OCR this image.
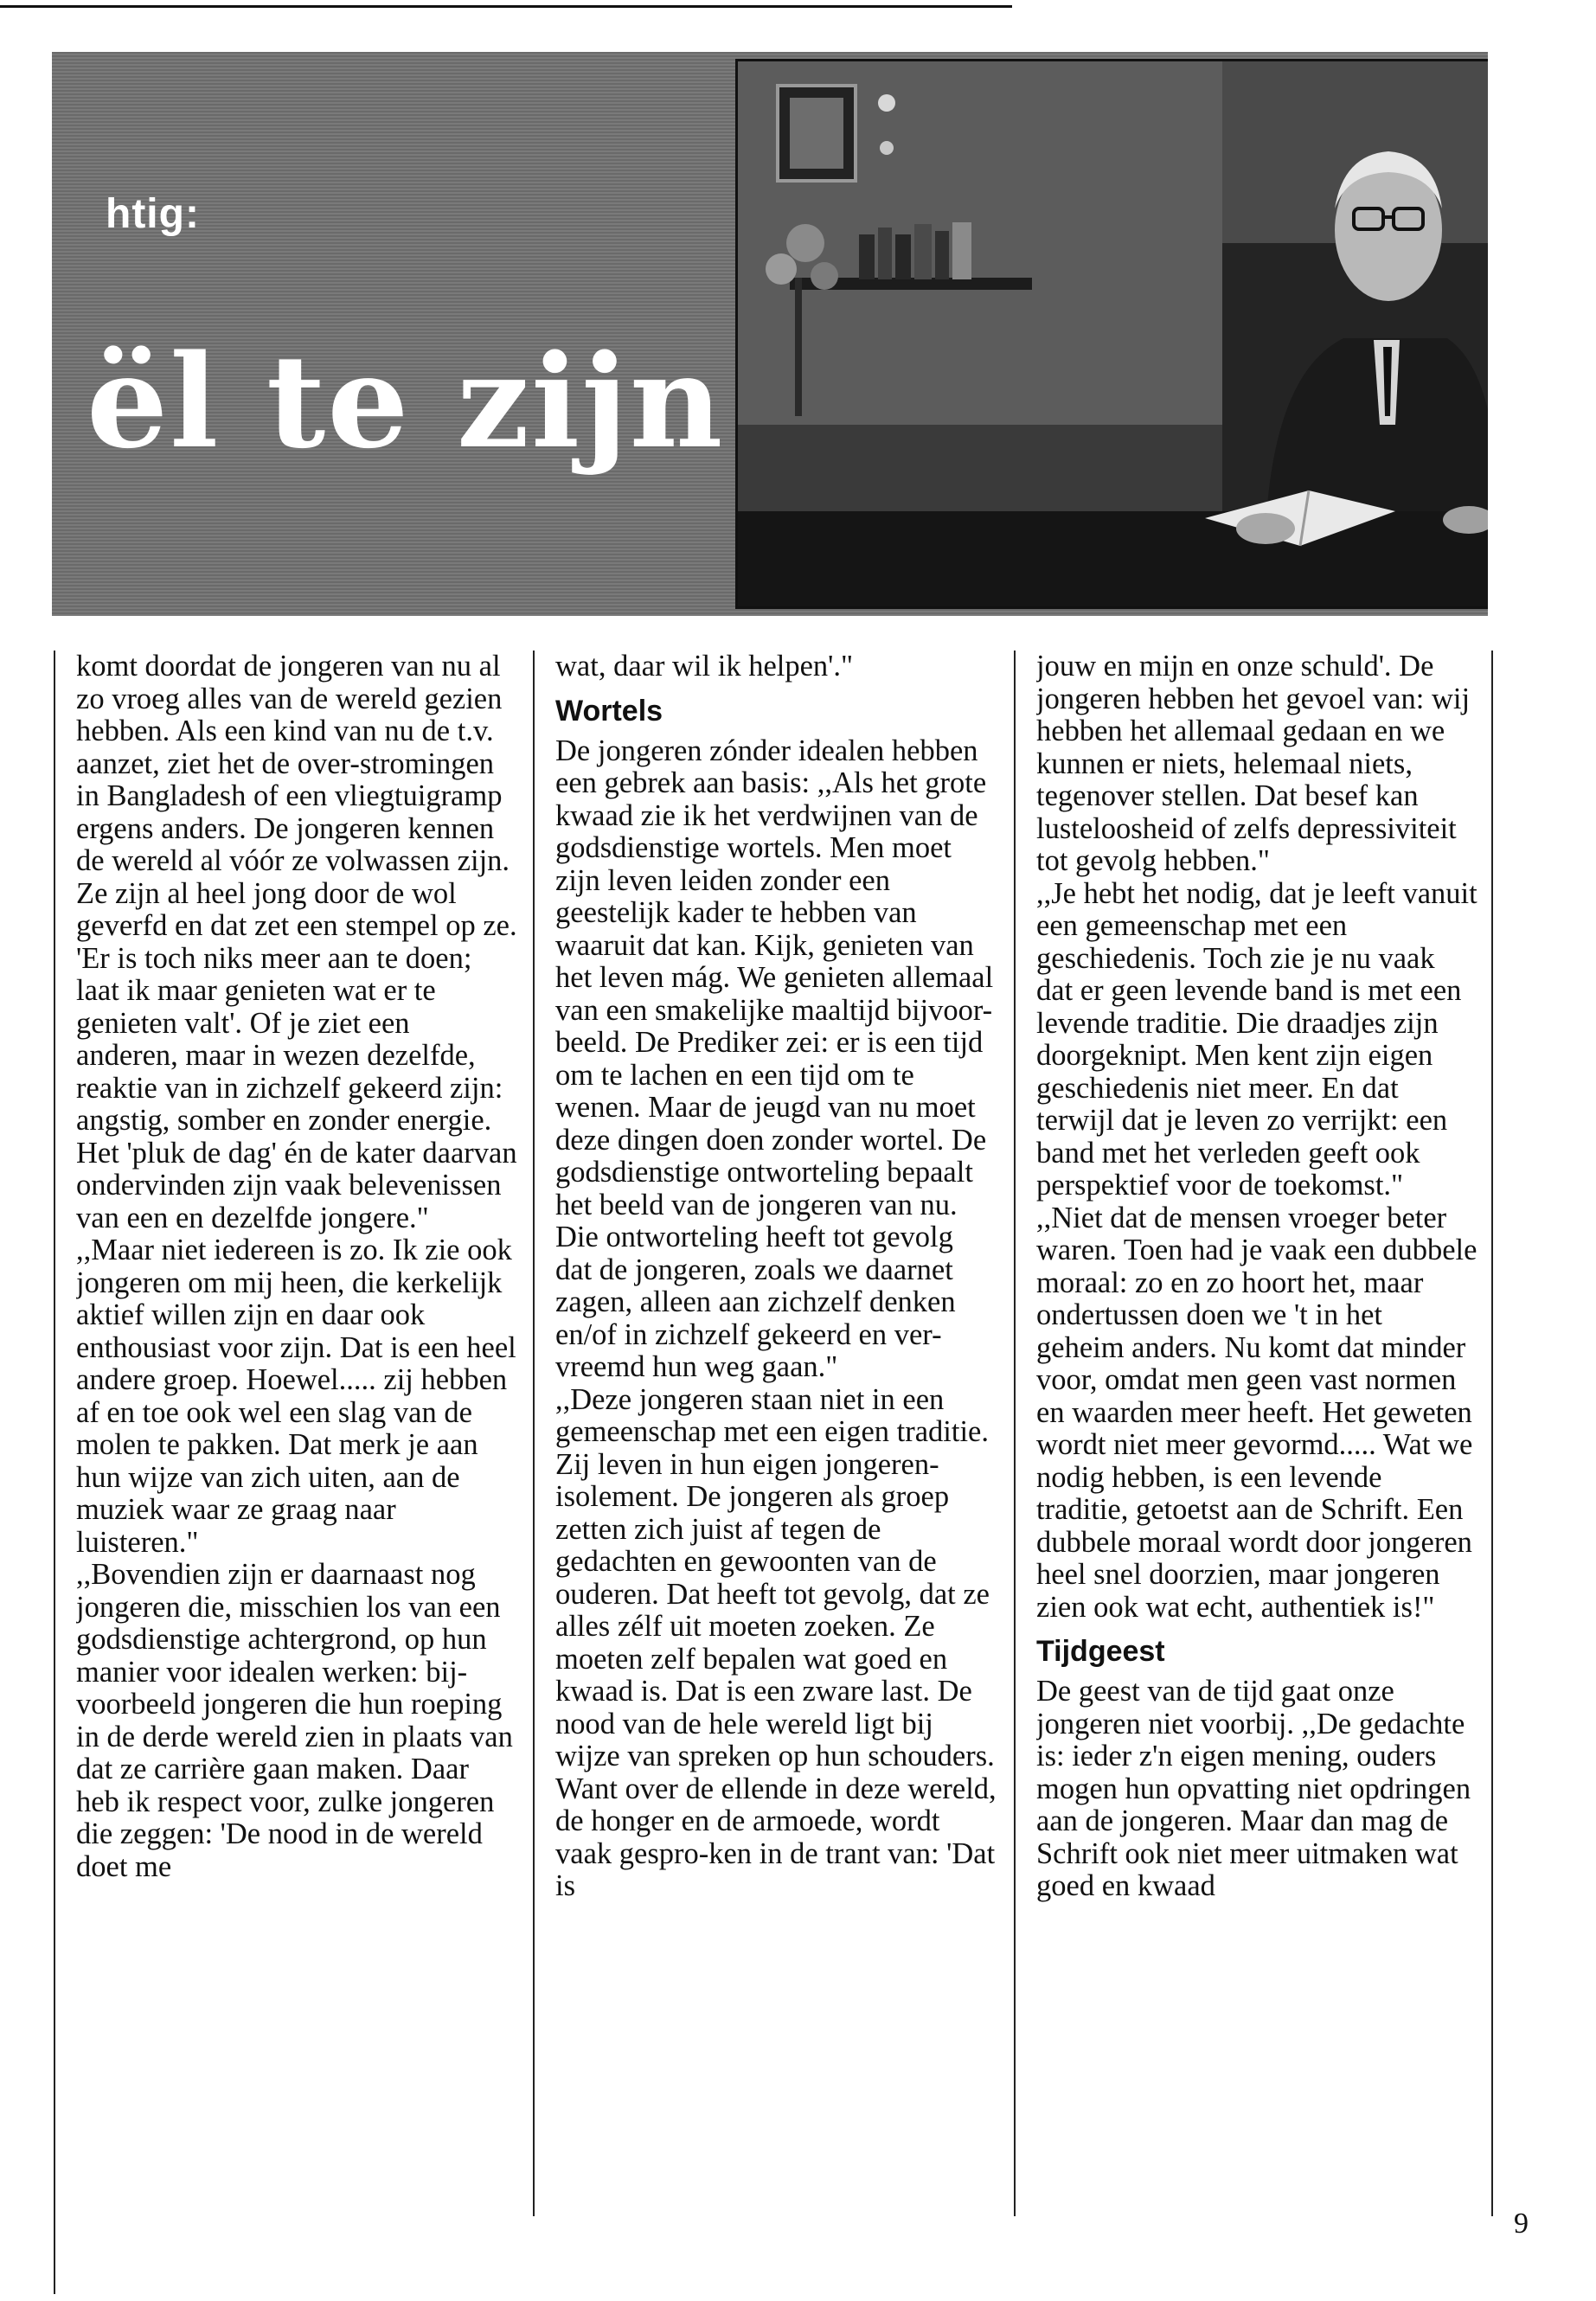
htig:
ël te zijn

komt doordat de jongeren van nu al zo vroeg alles van de wereld gezien hebben. Als een kind van nu de t.v. aanzet, ziet het de over-stromingen in Bangladesh of een vliegtuigramp ergens anders. De jongeren kennen de wereld al vóór ze volwassen zijn. Ze zijn al heel jong door de wol geverfd en dat zet een stempel op ze. 'Er is toch niks meer aan te doen; laat ik maar genieten wat er te genieten valt'. Of je ziet een anderen, maar in wezen dezelfde, reaktie van in zichzelf gekeerd zijn: angstig, somber en zonder energie. Het 'pluk de dag' én de kater daarvan ondervinden zijn vaak belevenissen van een en dezelfde jongere."

,,Maar niet iedereen is zo. Ik zie ook jongeren om mij heen, die kerkelijk aktief willen zijn en daar ook enthousiast voor zijn. Dat is een heel andere groep. Hoewel..... zij hebben af en toe ook wel een slag van de molen te pakken. Dat merk je aan hun wijze van zich uiten, aan de muziek waar ze graag naar luisteren."

,,Bovendien zijn er daarnaast nog jongeren die, misschien los van een godsdienstige achtergrond, op hun manier voor idealen werken: bij-voorbeeld jongeren die hun roeping in de derde wereld zien in plaats van dat ze carrière gaan maken. Daar heb ik respect voor, zulke jongeren die zeggen: 'De nood in de wereld doet me

wat, daar wil ik helpen'."

Wortels

De jongeren zónder idealen hebben een gebrek aan basis: ,,Als het grote kwaad zie ik het verdwijnen van de godsdienstige wortels. Men moet zijn leven leiden zonder een geestelijk kader te hebben van waaruit dat kan. Kijk, genieten van het leven mág. We genieten allemaal van een smakelijke maaltijd bijvoor-beeld. De Prediker zei: er is een tijd om te lachen en een tijd om te wenen. Maar de jeugd van nu moet deze dingen doen zonder wortel. De godsdienstige ontworteling bepaalt het beeld van de jongeren van nu. Die ontworteling heeft tot gevolg dat de jongeren, zoals we daarnet zagen, alleen aan zichzelf denken en/of in zichzelf gekeerd en ver-vreemd hun weg gaan."

,,Deze jongeren staan niet in een gemeenschap met een eigen traditie. Zij leven in hun eigen jongeren-isolement. De jongeren als groep zetten zich juist af tegen de gedachten en gewoonten van de ouderen. Dat heeft tot gevolg, dat ze alles zélf uit moeten zoeken. Ze moeten zelf bepalen wat goed en kwaad is. Dat is een zware last. De nood van de hele wereld ligt bij wijze van spreken op hun schouders. Want over de ellende in deze wereld, de honger en de armoede, wordt vaak gespro-ken in de trant van: 'Dat is

jouw en mijn en onze schuld'. De jongeren hebben het gevoel van: wij hebben het allemaal gedaan en we kunnen er niets, helemaal niets, tegenover stellen. Dat besef kan lusteloosheid of zelfs depressiviteit tot gevolg hebben."

,,Je hebt het nodig, dat je leeft vanuit een gemeenschap met een geschiedenis. Toch zie je nu vaak dat er geen levende band is met een levende traditie. Die draadjes zijn doorgeknipt. Men kent zijn eigen geschiedenis niet meer. En dat terwijl dat je leven zo verrijkt: een band met het verleden geeft ook perspektief voor de toekomst."

,,Niet dat de mensen vroeger beter waren. Toen had je vaak een dubbele moraal: zo en zo hoort het, maar ondertussen doen we 't in het geheim anders. Nu komt dat minder voor, omdat men geen vast normen en waarden meer heeft. Het geweten wordt niet meer gevormd..... Wat we nodig hebben, is een levende traditie, getoetst aan de Schrift. Een dubbele moraal wordt door jongeren heel snel doorzien, maar jongeren zien ook wat echt, authentiek is!"

Tijdgeest

De geest van de tijd gaat onze jongeren niet voorbij. ,,De gedachte is: ieder z'n eigen mening, ouders mogen hun opvatting niet opdringen aan de jongeren. Maar dan mag de Schrift ook niet meer uitmaken wat goed en kwaad

9
